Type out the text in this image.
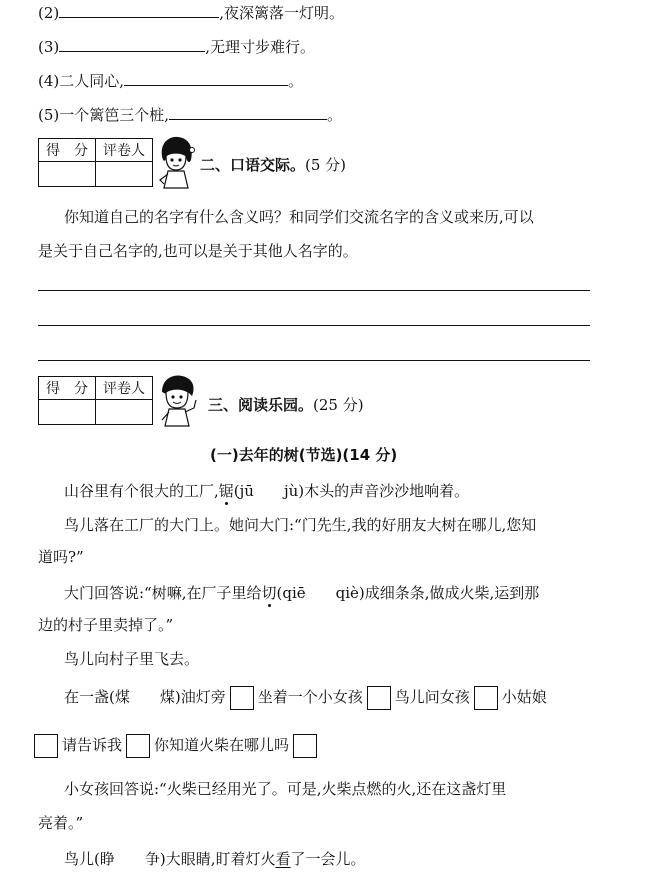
(2)	,夜深篱落一灯明。
(3)	,无理寸步难行。
(4)二人同心,	。
(5)一个篱笆三个桩,	。
得　分	评卷人

二、口语交际。(5 分)
你知道自己的名字有什么含义吗？和同学们交流名字的含义或来历,可以
是关于自己名字的,也可以是关于其他人名字的。
得　分	评卷人

三、阅读乐园。(25 分)
(一)去年的树(节选)(14 分)
山谷里有个很大的工厂,锯(jū　　jù)木头的声音沙沙地响着。
鸟儿落在工厂的大门上。她问大门:“门先生,我的好朋友大树在哪儿,您知
道吗?”
大门回答说:“树嘛,在厂子里给切(qiē　　qiè)成细条条,做成火柴,运到那
边的村子里卖掉了。”
鸟儿向村子里飞去。
在一盏(煤 煤)油灯旁 坐着一个小女孩 鸟儿问女孩 小姑娘
请告诉我 你知道火柴在哪儿吗
小女孩回答说:“火柴已经用光了。可是,火柴点燃的火,还在这盏灯里
亮着。”
鸟儿(睁　　争)大眼睛,盯着灯火看了一会儿。
